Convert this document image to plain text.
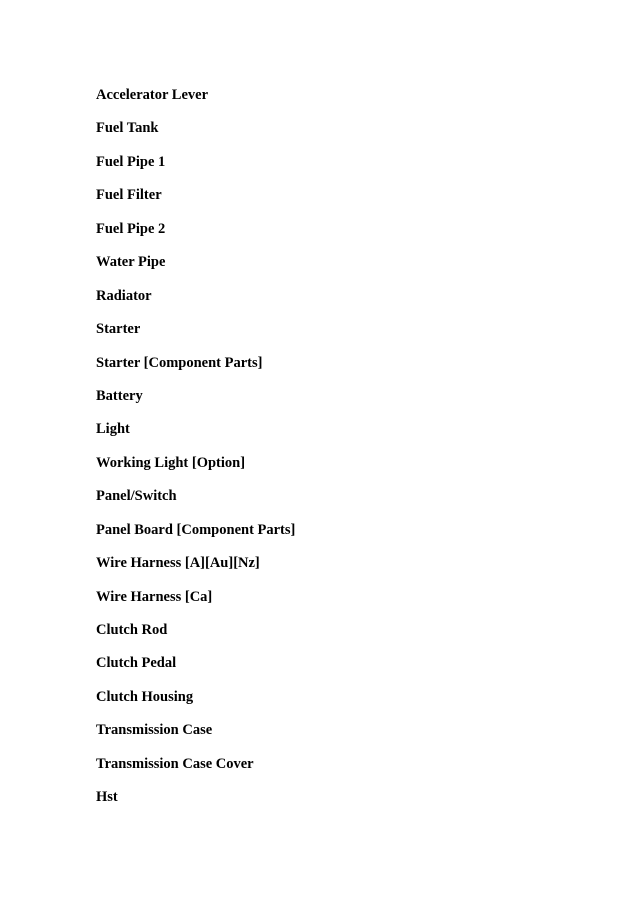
Accelerator Lever
Fuel Tank
Fuel Pipe 1
Fuel Filter
Fuel Pipe 2
Water Pipe
Radiator
Starter
Starter [Component Parts]
Battery
Light
Working Light [Option]
Panel/Switch
Panel Board [Component Parts]
Wire Harness [A][Au][Nz]
Wire Harness [Ca]
Clutch Rod
Clutch Pedal
Clutch Housing
Transmission Case
Transmission Case Cover
Hst
